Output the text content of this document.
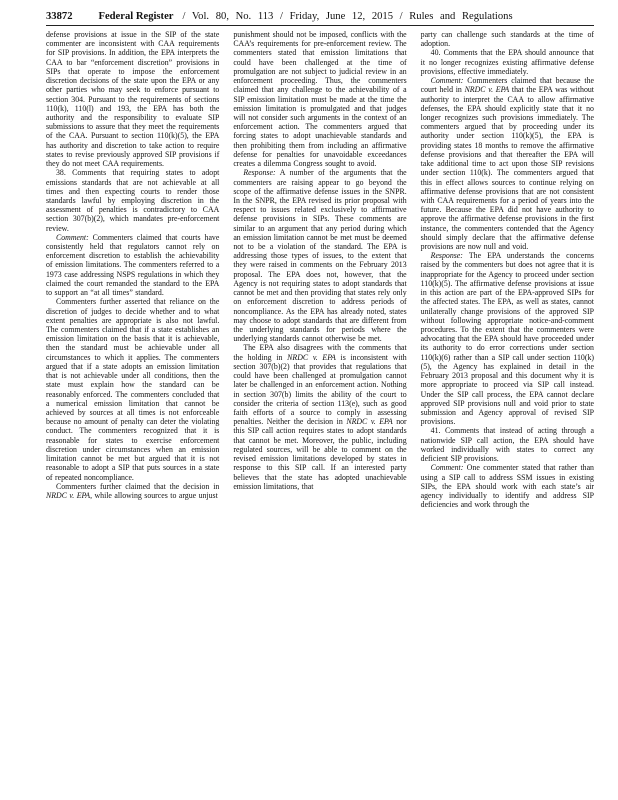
33872 Federal Register / Vol. 80, No. 113 / Friday, June 12, 2015 / Rules and Regulations

defense provisions at issue in the SIP of the state commenter are inconsistent with CAA requirements for SIP provisions. In addition, the EPA interprets the CAA to bar “enforcement discretion” provisions in SIPs that operate to impose the enforcement discretion decisions of the state upon the EPA or any other parties who may seek to enforce pursuant to section 304. Pursuant to the requirements of sections 110(k), 110(l) and 193, the EPA has both the authority and the responsibility to evaluate SIP submissions to assure that they meet the requirements of the CAA. Pursuant to section 110(k)(5), the EPA has authority and discretion to take action to require states to revise previously approved SIP provisions if they do not meet CAA requirements.

38. Comments that requiring states to adopt emissions standards that are not achievable at all times and then expecting courts to render those standards lawful by employing discretion in the assessment of penalties is contradictory to CAA section 307(b)(2), which mandates pre-enforcement review.

Comment: Commenters claimed that courts have consistently held that regulators cannot rely on enforcement discretion to establish the achievability of emission limitations. The commenters referred to a 1973 case addressing NSPS regulations in which they claimed the court remanded the standard to the EPA to support an “at all times” standard.

Commenters further asserted that reliance on the discretion of judges to decide whether and to what extent penalties are appropriate is also not lawful. The commenters claimed that if a state establishes an emission limitation on the basis that it is achievable, then the standard must be achievable under all circumstances to which it applies. The commenters argued that if a state adopts an emission limitation that is not achievable under all conditions, then the state must explain how the standard can be reasonably enforced. The commenters concluded that a numerical emission limitation that cannot be achieved by sources at all times is not enforceable because no amount of penalty can deter the violating conduct. The commenters recognized that it is reasonable for states to exercise enforcement discretion under circumstances when an emission limitation cannot be met but argued that it is not reasonable to adopt a SIP that puts sources in a state of repeated noncompliance.

Commenters further claimed that the decision in NRDC v. EPA, while allowing sources to argue unjust

punishment should not be imposed, conflicts with the CAA’s requirements for pre-enforcement review. The commenters stated that emission limitations that could have been challenged at the time of promulgation are not subject to judicial review in an enforcement proceeding. Thus, the commenters claimed that any challenge to the achievability of a SIP emission limitation must be made at the time the emission limitation is promulgated and that judges will not consider such arguments in the context of an enforcement action. The commenters argued that forcing states to adopt unachievable standards and then prohibiting them from including an affirmative defense for penalties for unavoidable exceedances creates a dilemma Congress sought to avoid.

Response: A number of the arguments that the commenters are raising appear to go beyond the scope of the affirmative defense issues in the SNPR. In the SNPR, the EPA revised its prior proposal with respect to issues related exclusively to affirmative defense provisions in SIPs. These comments are similar to an argument that any period during which an emission limitation cannot be met must be deemed not to be a violation of the standard. The EPA is addressing those types of issues, to the extent that they were raised in comments on the February 2013 proposal. The EPA does not, however, that the Agency is not requiring states to adopt standards that cannot be met and then providing that states rely only on enforcement discretion to address periods of noncompliance. As the EPA has already noted, states may choose to adopt standards that are different from the underlying standards for periods where the underlying standards cannot otherwise be met.

The EPA also disagrees with the comments that the holding in NRDC v. EPA is inconsistent with section 307(b)(2) that provides that regulations that could have been challenged at promulgation cannot later be challenged in an enforcement action. Nothing in section 307(b) limits the ability of the court to consider the criteria of section 113(e), such as good faith efforts of a source to comply in assessing penalties. Neither the decision in NRDC v. EPA nor this SIP call action requires states to adopt standards that cannot be met. Moreover, the public, including regulated sources, will be able to comment on the revised emission limitations developed by states in response to this SIP call. If an interested party believes that the state has adopted unachievable emission limitations, that

party can challenge such standards at the time of adoption.

40. Comments that the EPA should announce that it no longer recognizes existing affirmative defense provisions, effective immediately.

Comment: Commenters claimed that because the court held in NRDC v. EPA that the EPA was without authority to interpret the CAA to allow affirmative defenses, the EPA should explicitly state that it no longer recognizes such provisions immediately. The commenters argued that by proceeding under its authority under section 110(k)(5), the EPA is providing states 18 months to remove the affirmative defense provisions and that thereafter the EPA will take additional time to act upon those SIP revisions under section 110(k). The commenters argued that this in effect allows sources to continue relying on affirmative defense provisions that are not consistent with CAA requirements for a period of years into the future. Because the EPA did not have authority to approve the affirmative defense provisions in the first instance, the commenters contended that the Agency should simply declare that the affirmative defense provisions are now null and void.

Response: The EPA understands the concerns raised by the commenters but does not agree that it is inappropriate for the Agency to proceed under section 110(k)(5). The affirmative defense provisions at issue in this action are part of the EPA-approved SIPs for the affected states. The EPA, as well as states, cannot unilaterally change provisions of the approved SIP without following appropriate notice-and-comment procedures. To the extent that the commenters were advocating that the EPA should have proceeded under its authority to do error corrections under section 110(k)(6) rather than a SIP call under section 110(k)(5), the Agency has explained in detail in the February 2013 proposal and this document why it is more appropriate to proceed via SIP call instead. Under the SIP call process, the EPA cannot declare approved SIP provisions null and void prior to state submission and Agency approval of revised SIP provisions.

41. Comments that instead of acting through a nationwide SIP call action, the EPA should have worked individually with states to correct any deficient SIP provisions.

Comment: One commenter stated that rather than using a SIP call to address SSM issues in existing SIPs, the EPA should work with each state’s air agency individually to identify and address SIP deficiencies and work through the
